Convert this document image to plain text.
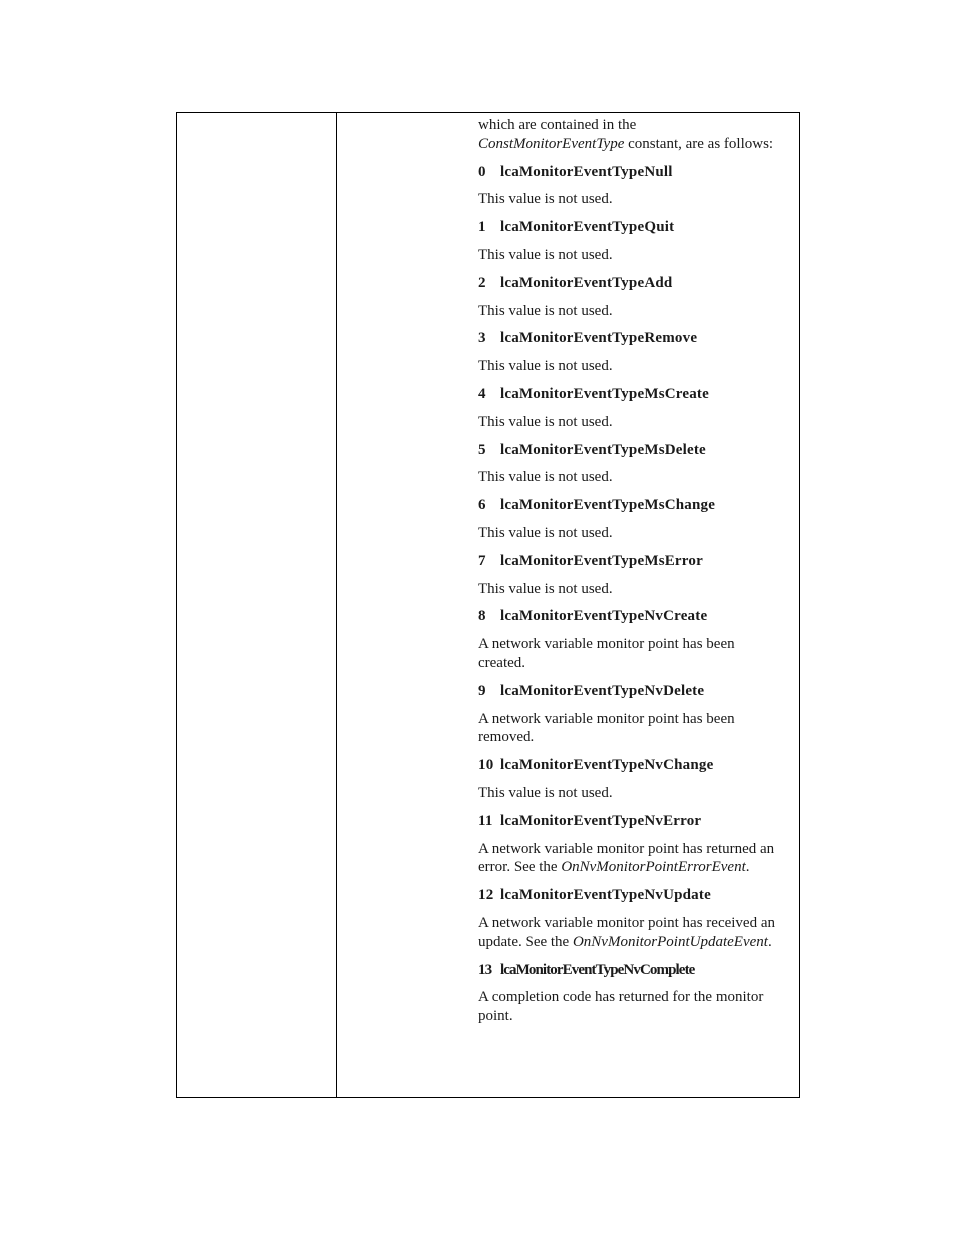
which are contained in the
ConstMonitorEventType constant, are as follows:

0 lcaMonitorEventTypeNull

This value is not used.

1 lcaMonitorEventTypeQuit

This value is not used.

2 lcaMonitorEventTypeAdd

This value is not used.

3 lcaMonitorEventTypeRemove

This value is not used.

4 lcaMonitorEventTypeMsCreate

This value is not used.

5 lcaMonitorEventTypeMsDelete

This value is not used.

6 lcaMonitorEventTypeMsChange

This value is not used.

7 lcaMonitorEventTypeMsError

This value is not used.

8 lcaMonitorEventTypeNvCreate

A network variable monitor point has been created.

9 lcaMonitorEventTypeNvDelete

A network variable monitor point has been removed.

10 lcaMonitorEventTypeNvChange

This value is not used.

11 lcaMonitorEventTypeNvError

A network variable monitor point has returned an error. See the OnNvMonitorPointErrorEvent.

12 lcaMonitorEventTypeNvUpdate

A network variable monitor point has received an update. See the OnNvMonitorPointUpdateEvent.

13 lcaMonitorEventTypeNvComplete

A completion code has returned for the monitor point.
